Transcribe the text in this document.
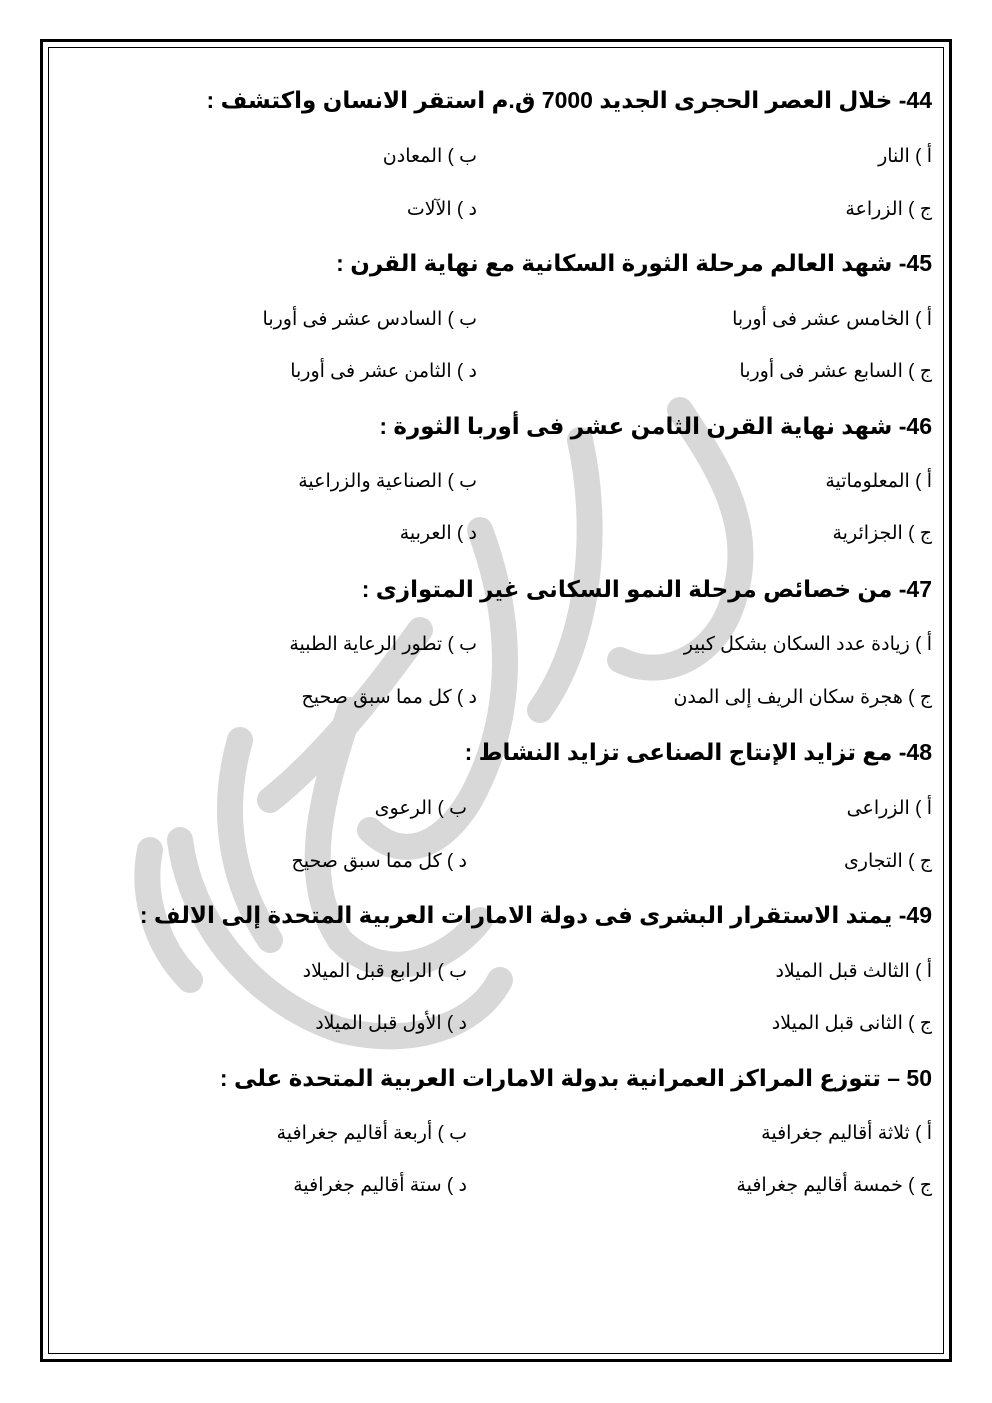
44- خلال العصر الحجرى الجديد 7000 ق.م استقر الانسان واكتشف :
أ ) النار
ب ) المعادن
ج ) الزراعة
د ) الآلات
45- شهد العالم مرحلة الثورة السكانية مع نهاية القرن :
أ ) الخامس عشر فى أوربا
ب ) السادس عشر فى أوربا
ج ) السابع عشر فى أوربا
د ) الثامن عشر فى أوربا
46- شهد نهاية القرن الثامن عشر فى أوربا الثورة :
أ ) المعلوماتية
ب ) الصناعية والزراعية
ج ) الجزائرية
د ) العربية
47- من خصائص مرحلة النمو السكانى غير المتوازى :
أ ) زيادة عدد السكان بشكل كبير
ب ) تطور الرعاية الطبية
ج ) هجرة سكان الريف إلى المدن
د ) كل مما سبق صحيح
48- مع تزايد الإنتاج الصناعى تزايد النشاط :
أ ) الزراعى
ب ) الرعوى
ج ) التجارى
د ) كل مما سبق صحيح
49- يمتد الاستقرار البشرى فى دولة الامارات العربية المتحدة إلى الالف :
أ ) الثالث قبل الميلاد
ب ) الرابع قبل الميلاد
ج ) الثانى قبل الميلاد
د ) الأول قبل الميلاد
50 – تتوزع المراكز العمرانية بدولة الامارات العربية المتحدة على :
أ ) ثلاثة أقاليم جغرافية
ب ) أربعة أقاليم جغرافية
ج ) خمسة أقاليم جغرافية
د ) ستة أقاليم جغرافية
